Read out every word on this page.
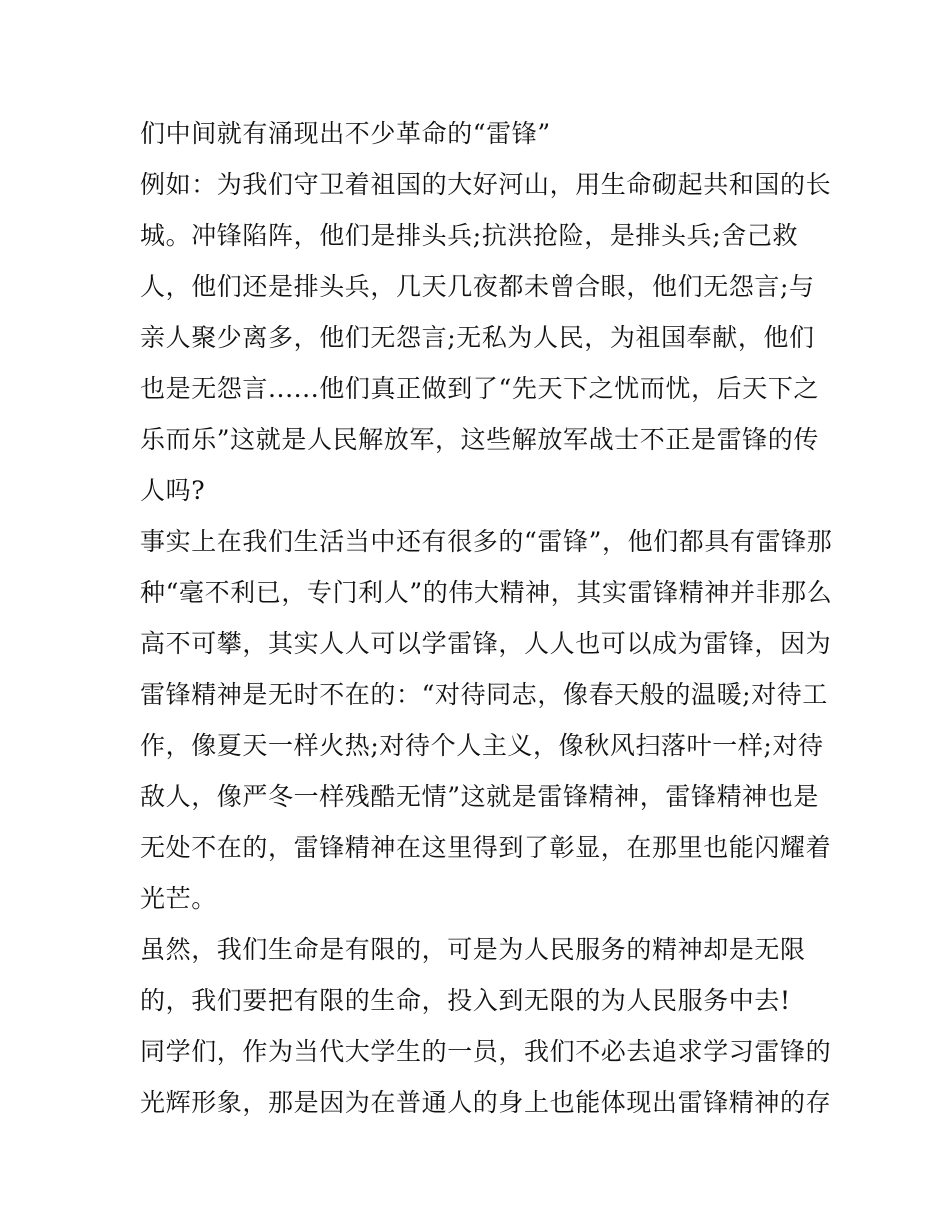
们中间就有涌现出不少革命的“雷锋”
例如：为我们守卫着祖国的大好河山，用生命砌起共和国的长
城。冲锋陷阵，他们是排头兵;抗洪抢险，是排头兵;舍己救
人，他们还是排头兵，几天几夜都未曾合眼，他们无怨言;与
亲人聚少离多，他们无怨言;无私为人民，为祖国奉献，他们
也是无怨言......他们真正做到了“先天下之忧而忧，后天下之
乐而乐”这就是人民解放军，这些解放军战士不正是雷锋的传
人吗?
事实上在我们生活当中还有很多的“雷锋”，他们都具有雷锋那
种“毫不利已，专门利人”的伟大精神，其实雷锋精神并非那么
高不可攀，其实人人可以学雷锋，人人也可以成为雷锋，因为
雷锋精神是无时不在的：“对待同志，像春天般的温暖;对待工
作，像夏天一样火热;对待个人主义，像秋风扫落叶一样;对待
敌人，像严冬一样残酷无情”这就是雷锋精神，雷锋精神也是
无处不在的，雷锋精神在这里得到了彰显，在那里也能闪耀着
光芒。
虽然，我们生命是有限的，可是为人民服务的精神却是无限
的，我们要把有限的生命，投入到无限的为人民服务中去!
同学们，作为当代大学生的一员，我们不必去追求学习雷锋的
光辉形象，那是因为在普通人的身上也能体现出雷锋精神的存
